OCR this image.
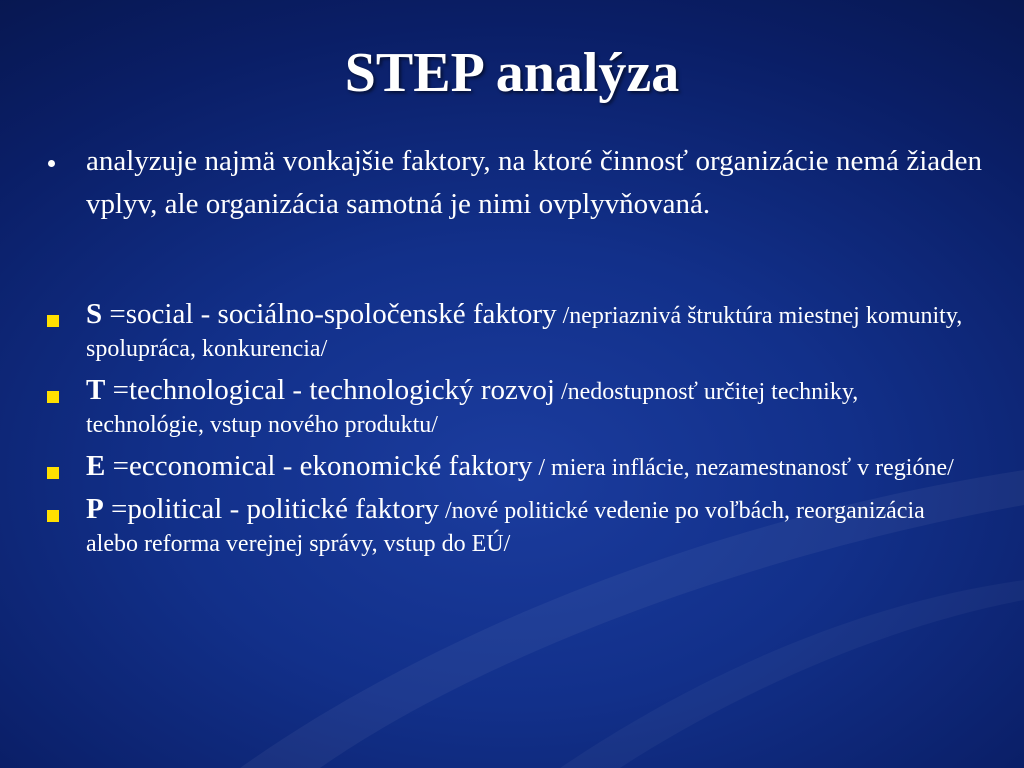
STEP analýza
analyzuje najmä vonkajšie faktory, na ktoré činnosť organizácie nemá žiaden vplyv, ale organizácia samotná je nimi ovplyvňovaná.
S =social - sociálno-spoločenské faktory /nepriaznivá štruktúra miestnej komunity, spolupráca, konkurencia/
T =technological - technologický rozvoj /nedostupnosť určitej techniky, technológie, vstup nového produktu/
E =ecconomical - ekonomické faktory / miera inflácie, nezamestnanosť v regióne/
P =political - politické faktory /nové politické vedenie po voľbách, reorganizácia alebo reforma verejnej správy, vstup do EÚ/
